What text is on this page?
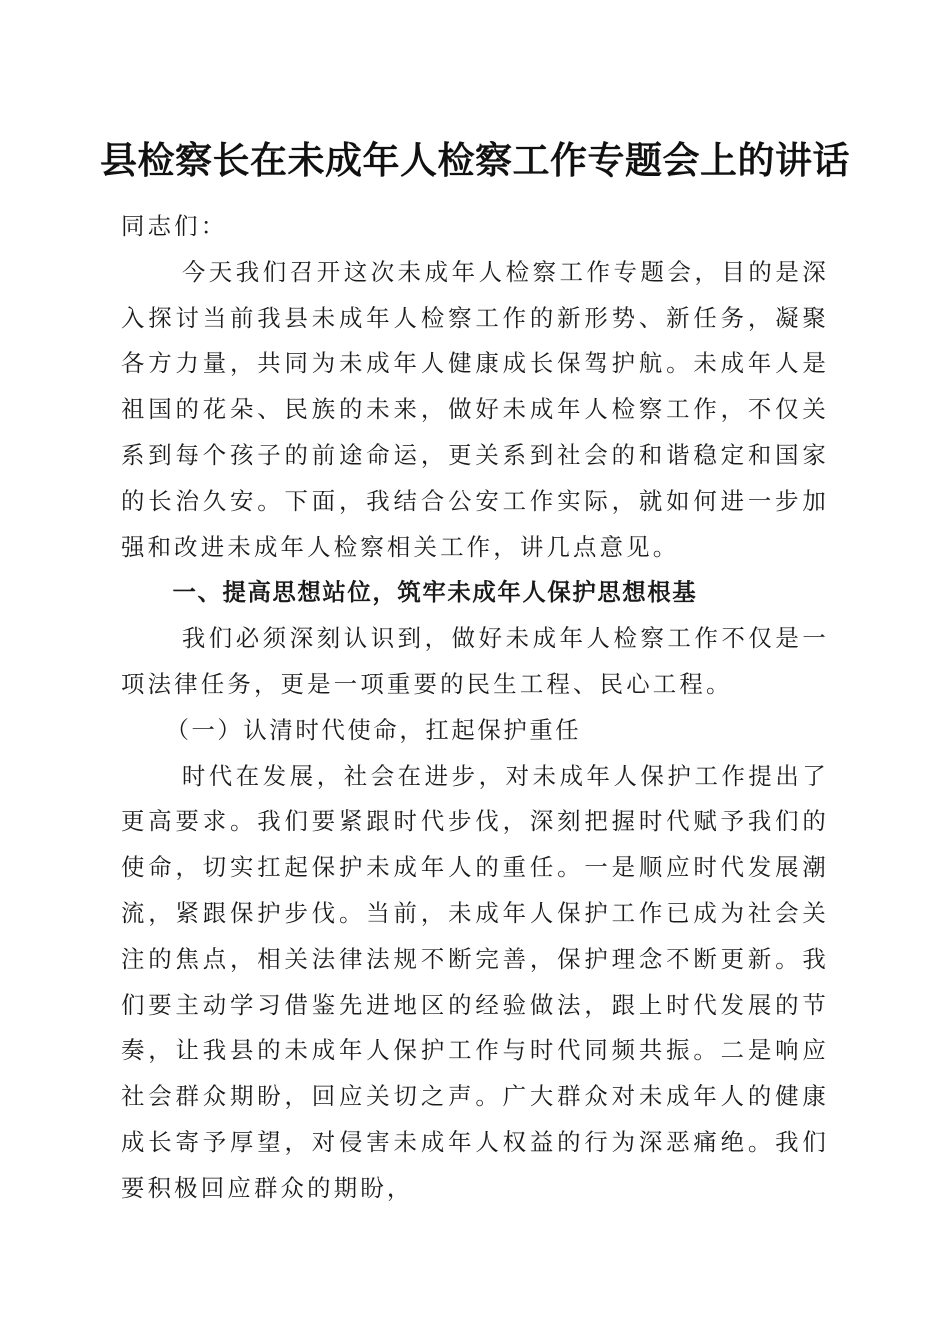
县检察长在未成年人检察工作专题会上的讲话

同志们：

今天我们召开这次未成年人检察工作专题会，目的是深入探讨当前我县未成年人检察工作的新形势、新任务，凝聚各方力量，共同为未成年人健康成长保驾护航。未成年人是祖国的花朵、民族的未来，做好未成年人检察工作，不仅关系到每个孩子的前途命运，更关系到社会的和谐稳定和国家的长治久安。下面，我结合公安工作实际，就如何进一步加强和改进未成年人检察相关工作，讲几点意见。

一、提高思想站位，筑牢未成年人保护思想根基

我们必须深刻认识到，做好未成年人检察工作不仅是一项法律任务，更是一项重要的民生工程、民心工程。

（一）认清时代使命，扛起保护重任

时代在发展，社会在进步，对未成年人保护工作提出了更高要求。我们要紧跟时代步伐，深刻把握时代赋予我们的使命，切实扛起保护未成年人的重任。一是顺应时代发展潮流，紧跟保护步伐。当前，未成年人保护工作已成为社会关注的焦点，相关法律法规不断完善，保护理念不断更新。我们要主动学习借鉴先进地区的经验做法，跟上时代发展的节奏，让我县的未成年人保护工作与时代同频共振。二是响应社会群众期盼，回应关切之声。广大群众对未成年人的健康成长寄予厚望，对侵害未成年人权益的行为深恶痛绝。我们要积极回应群众的期盼，
